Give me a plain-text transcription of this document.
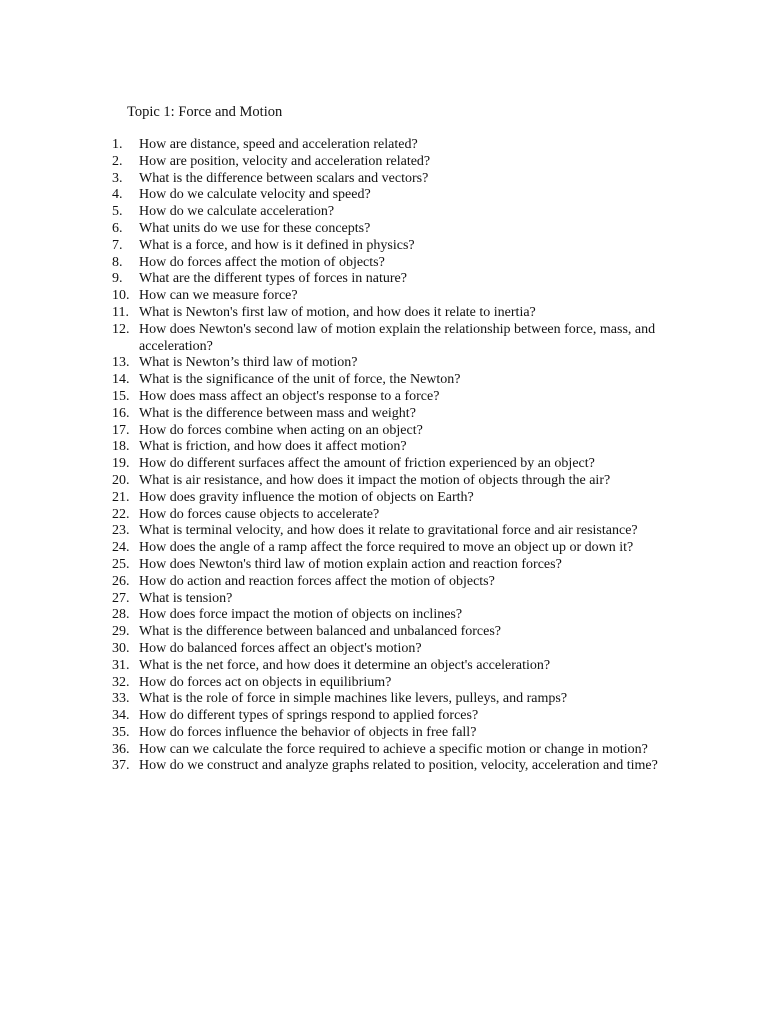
Topic 1: Force and Motion
1.	How are distance, speed and acceleration related?
2.	How are position, velocity and acceleration related?
3.	What is the difference between scalars and vectors?
4.	How do we calculate velocity and speed?
5.	How do we calculate acceleration?
6.	What units do we use for these concepts?
7.	What is a force, and how is it defined in physics?
8.	How do forces affect the motion of objects?
9.	What are the different types of forces in nature?
10. How can we measure force?
11. What is Newton's first law of motion, and how does it relate to inertia?
12. How does Newton's second law of motion explain the relationship between force, mass, and acceleration?
13. What is Newton’s third law of motion?
14. What is the significance of the unit of force, the Newton?
15. How does mass affect an object's response to a force?
16. What is the difference between mass and weight?
17. How do forces combine when acting on an object?
18. What is friction, and how does it affect motion?
19. How do different surfaces affect the amount of friction experienced by an object?
20. What is air resistance, and how does it impact the motion of objects through the air?
21. How does gravity influence the motion of objects on Earth?
22. How do forces cause objects to accelerate?
23. What is terminal velocity, and how does it relate to gravitational force and air resistance?
24. How does the angle of a ramp affect the force required to move an object up or down it?
25. How does Newton's third law of motion explain action and reaction forces?
26. How do action and reaction forces affect the motion of objects?
27. What is tension?
28. How does force impact the motion of objects on inclines?
29. What is the difference between balanced and unbalanced forces?
30. How do balanced forces affect an object's motion?
31. What is the net force, and how does it determine an object's acceleration?
32. How do forces act on objects in equilibrium?
33. What is the role of force in simple machines like levers, pulleys, and ramps?
34. How do different types of springs respond to applied forces?
35. How do forces influence the behavior of objects in free fall?
36. How can we calculate the force required to achieve a specific motion or change in motion?
37. How do we construct and analyze graphs related to position, velocity, acceleration and time?
